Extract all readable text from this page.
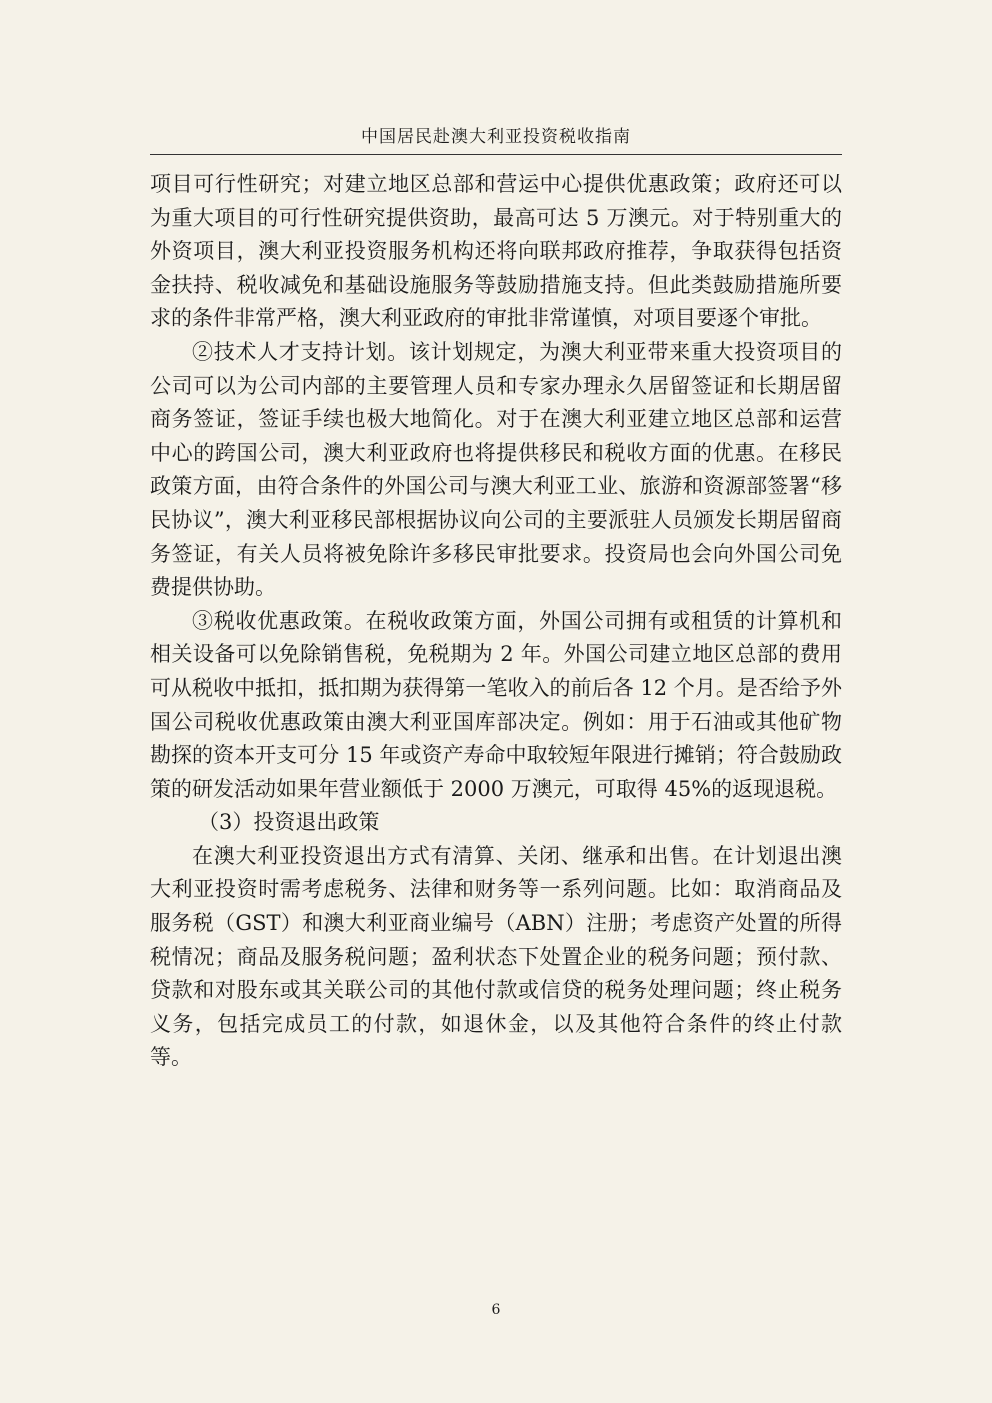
中国居民赴澳大利亚投资税收指南

项目可行性研究；对建立地区总部和营运中心提供优惠政策；政府还可以为重大项目的可行性研究提供资助，最高可达 5 万澳元。对于特别重大的外资项目，澳大利亚投资服务机构还将向联邦政府推荐，争取获得包括资金扶持、税收减免和基础设施服务等鼓励措施支持。但此类鼓励措施所要求的条件非常严格，澳大利亚政府的审批非常谨慎，对项目要逐个审批。

②技术人才支持计划。该计划规定，为澳大利亚带来重大投资项目的公司可以为公司内部的主要管理人员和专家办理永久居留签证和长期居留商务签证，签证手续也极大地简化。对于在澳大利亚建立地区总部和运营中心的跨国公司，澳大利亚政府也将提供移民和税收方面的优惠。在移民政策方面，由符合条件的外国公司与澳大利亚工业、旅游和资源部签署“移民协议”，澳大利亚移民部根据协议向公司的主要派驻人员颁发长期居留商务签证，有关人员将被免除许多移民审批要求。投资局也会向外国公司免费提供协助。

③税收优惠政策。在税收政策方面，外国公司拥有或租赁的计算机和相关设备可以免除销售税，免税期为 2 年。外国公司建立地区总部的费用可从税收中抵扣，抵扣期为获得第一笔收入的前后各 12 个月。是否给予外国公司税收优惠政策由澳大利亚国库部决定。例如：用于石油或其他矿物勘探的资本开支可分 15 年或资产寿命中取较短年限进行摊销；符合鼓励政策的研发活动如果年营业额低于 2000 万澳元，可取得 45%的返现退税。

（3）投资退出政策

在澳大利亚投资退出方式有清算、关闭、继承和出售。在计划退出澳大利亚投资时需考虑税务、法律和财务等一系列问题。比如：取消商品及服务税（GST）和澳大利亚商业编号（ABN）注册；考虑资产处置的所得税情况；商品及服务税问题；盈利状态下处置企业的税务问题；预付款、贷款和对股东或其关联公司的其他付款或信贷的税务处理问题；终止税务义务，包括完成员工的付款，如退休金，以及其他符合条件的终止付款等。

6
